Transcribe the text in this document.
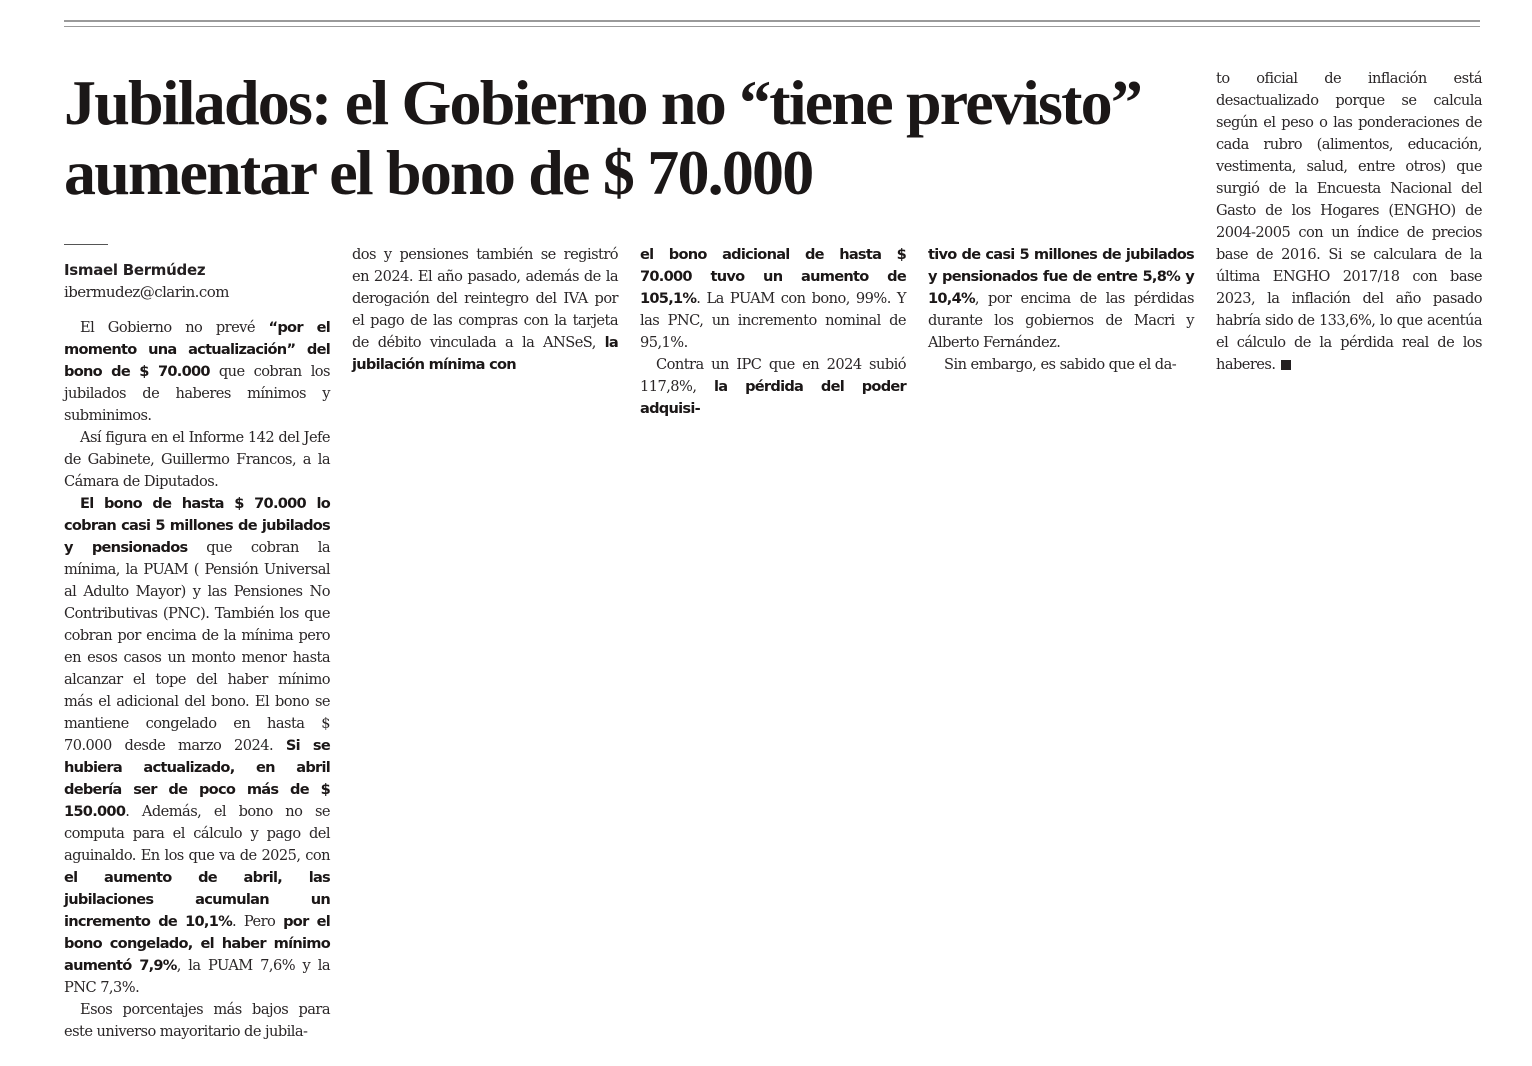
Jubilados: el Gobierno no “tiene previsto” aumentar el bono de $ 70.000
Ismael Bermúdez
ibermudez@clarin.com

El Gobierno no prevé “por el momento una actualización” del bono de $ 70.000 que cobran los jubilados de haberes mínimos y subminimos.

Así figura en el Informe 142 del Jefe de Gabinete, Guillermo Francos, a la Cámara de Diputados.

El bono de hasta $ 70.000 lo cobran casi 5 millones de jubilados y pensionados que cobran la mínima, la PUAM ( Pensión Universal al Adulto Mayor) y las Pensiones No Contributivas (PNC). También los que cobran por encima de la mínima pero en esos casos un monto menor hasta alcanzar el tope del haber mínimo más el adicional del bono. El bono se mantiene congelado en hasta $ 70.000 desde marzo 2024. Si se hubiera actualizado, en abril debería ser de poco más de $ 150.000. Además, el bono no se computa para el cálculo y pago del aguinaldo. En los que va de 2025, con el aumento de abril, las jubilaciones acumulan un incremento de 10,1%. Pero por el bono congelado, el haber mínimo aumentó 7,9%, la PUAM 7,6% y la PNC 7,3%.

Esos porcentajes más bajos para este universo mayoritario de jubila-

dos y pensiones también se registró en 2024. El año pasado, además de la derogación del reintegro del IVA por el pago de las compras con la tarjeta de débito vinculada a la ANSeS, la jubilación mínima con

el bono adicional de hasta $ 70.000 tuvo un aumento de 105,1%. La PUAM con bono, 99%. Y las PNC, un incremento nominal de 95,1%.

Contra un IPC que en 2024 subió 117,8%, la pérdida del poder adquisi-

tivo de casi 5 millones de jubilados y pensionados fue de entre 5,8% y 10,4%, por encima de las pérdidas durante los gobiernos de Macri y Alberto Fernández.

Sin embargo, es sabido que el da-

to oficial de inflación está desactualizado porque se calcula según el peso o las ponderaciones de cada rubro (alimentos, educación, vestimenta, salud, entre otros) que surgió de la Encuesta Nacional del Gasto de los Hogares (ENGHO) de 2004-2005 con un índice de precios base de 2016. Si se calculara de la última ENGHO 2017/18 con base 2023, la inflación del año pasado habría sido de 133,6%, lo que acentúa el cálculo de la pérdida real de los haberes.
